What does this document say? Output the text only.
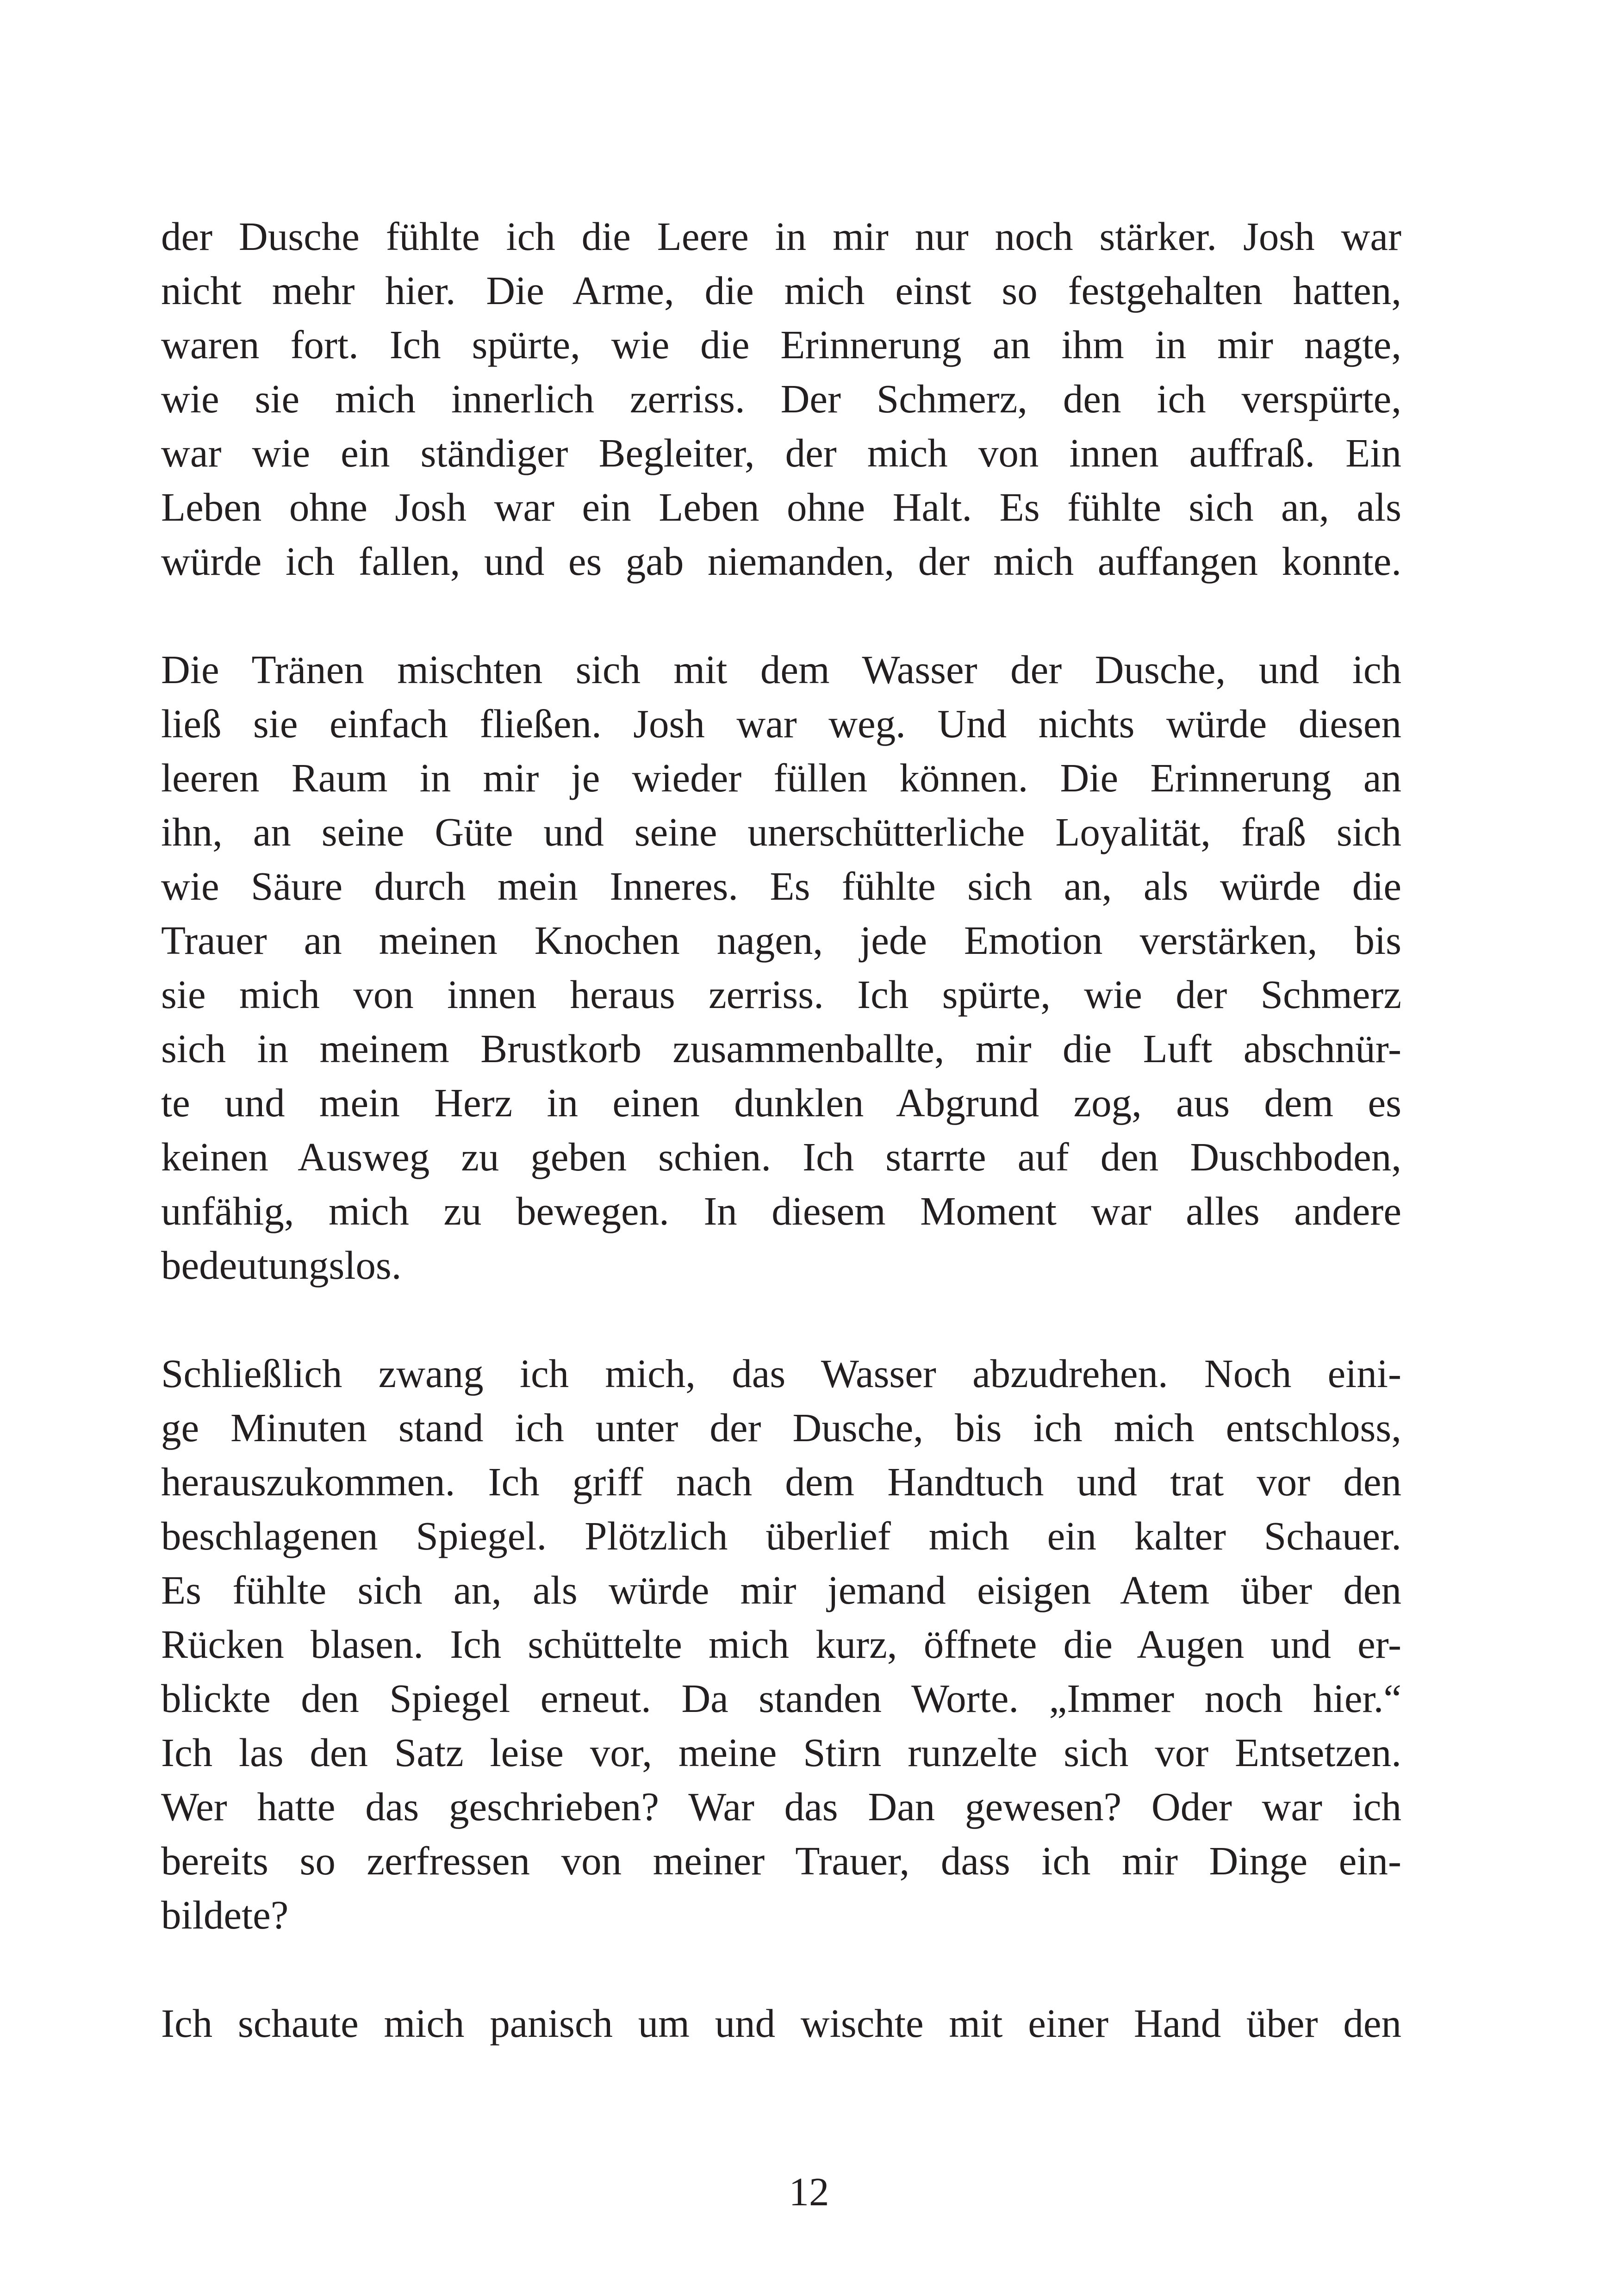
der Dusche fühlte ich die Leere in mir nur noch stärker. Josh war
nicht mehr hier. Die Arme, die mich einst so festgehalten hatten,
waren fort. Ich spürte, wie die Erinnerung an ihm in mir nagte,
wie sie mich innerlich zerriss. Der Schmerz, den ich verspürte,
war wie ein ständiger Begleiter, der mich von innen auffraß. Ein
Leben ohne Josh war ein Leben ohne Halt. Es fühlte sich an, als
würde ich fallen, und es gab niemanden, der mich auffangen konnte.

Die Tränen mischten sich mit dem Wasser der Dusche, und ich
ließ sie einfach fließen. Josh war weg. Und nichts würde diesen
leeren Raum in mir je wieder füllen können. Die Erinnerung an
ihn, an seine Güte und seine unerschütterliche Loyalität, fraß sich
wie Säure durch mein Inneres. Es fühlte sich an, als würde die
Trauer an meinen Knochen nagen, jede Emotion verstärken, bis
sie mich von innen heraus zerriss. Ich spürte, wie der Schmerz
sich in meinem Brustkorb zusammenballte, mir die Luft abschnür-
te und mein Herz in einen dunklen Abgrund zog, aus dem es
keinen Ausweg zu geben schien. Ich starrte auf den Duschboden,
unfähig, mich zu bewegen. In diesem Moment war alles andere
bedeutungslos.

Schließlich zwang ich mich, das Wasser abzudrehen. Noch eini-
ge Minuten stand ich unter der Dusche, bis ich mich entschloss,
herauszukommen. Ich griff nach dem Handtuch und trat vor den
beschlagenen Spiegel. Plötzlich überlief mich ein kalter Schauer.
Es fühlte sich an, als würde mir jemand eisigen Atem über den
Rücken blasen. Ich schüttelte mich kurz, öffnete die Augen und er-
blickte den Spiegel erneut. Da standen Worte. „Immer noch hier.“
Ich las den Satz leise vor, meine Stirn runzelte sich vor Entsetzen.
Wer hatte das geschrieben? War das Dan gewesen? Oder war ich
bereits so zerfressen von meiner Trauer, dass ich mir Dinge ein-
bildete?

Ich schaute mich panisch um und wischte mit einer Hand über den

12
